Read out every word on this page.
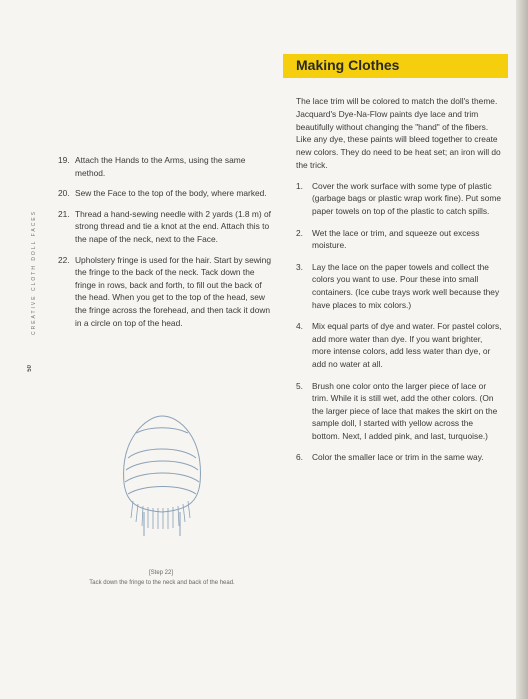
CREATIVE CLOTH DOLL FACES
50
19. Attach the Hands to the Arms, using the same method.
20. Sew the Face to the top of the body, where marked.
21. Thread a hand-sewing needle with 2 yards (1.8 m) of strong thread and tie a knot at the end. Attach this to the nape of the neck, next to the Face.
22. Upholstery fringe is used for the hair. Start by sewing the fringe to the back of the neck. Tack down the fringe in rows, back and forth, to fill out the back of the head. When you get to the top of the head, sew the fringe across the forehead, and then tack it down in a circle on top of the head.
[Step 22]
Tack down the fringe to the neck and back of the head.
Making Clothes
The lace trim will be colored to match the doll's theme. Jacquard's Dye-Na-Flow paints dye lace and trim beautifully without changing the "hand" of the fibers. Like any dye, these paints will bleed together to create new colors. They do need to be heat set; an iron will do the trick.
1.	Cover the work surface with some type of plastic (garbage bags or plastic wrap work fine). Put some paper towels on top of the plastic to catch spills.
2.	Wet the lace or trim, and squeeze out excess moisture.
3.	Lay the lace on the paper towels and collect the colors you want to use. Pour these into small containers. (Ice cube trays work well because they have places to mix colors.)
4.	Mix equal parts of dye and water. For pastel colors, add more water than dye. If you want brighter, more intense colors, add less water than dye, or add no water at all.
5.	Brush one color onto the larger piece of lace or trim. While it is still wet, add the other colors. (On the larger piece of lace that makes the skirt on the sample doll, I started with yellow across the bottom. Next, I added pink, and last, turquoise.)
6.	Color the smaller lace or trim in the same way.
